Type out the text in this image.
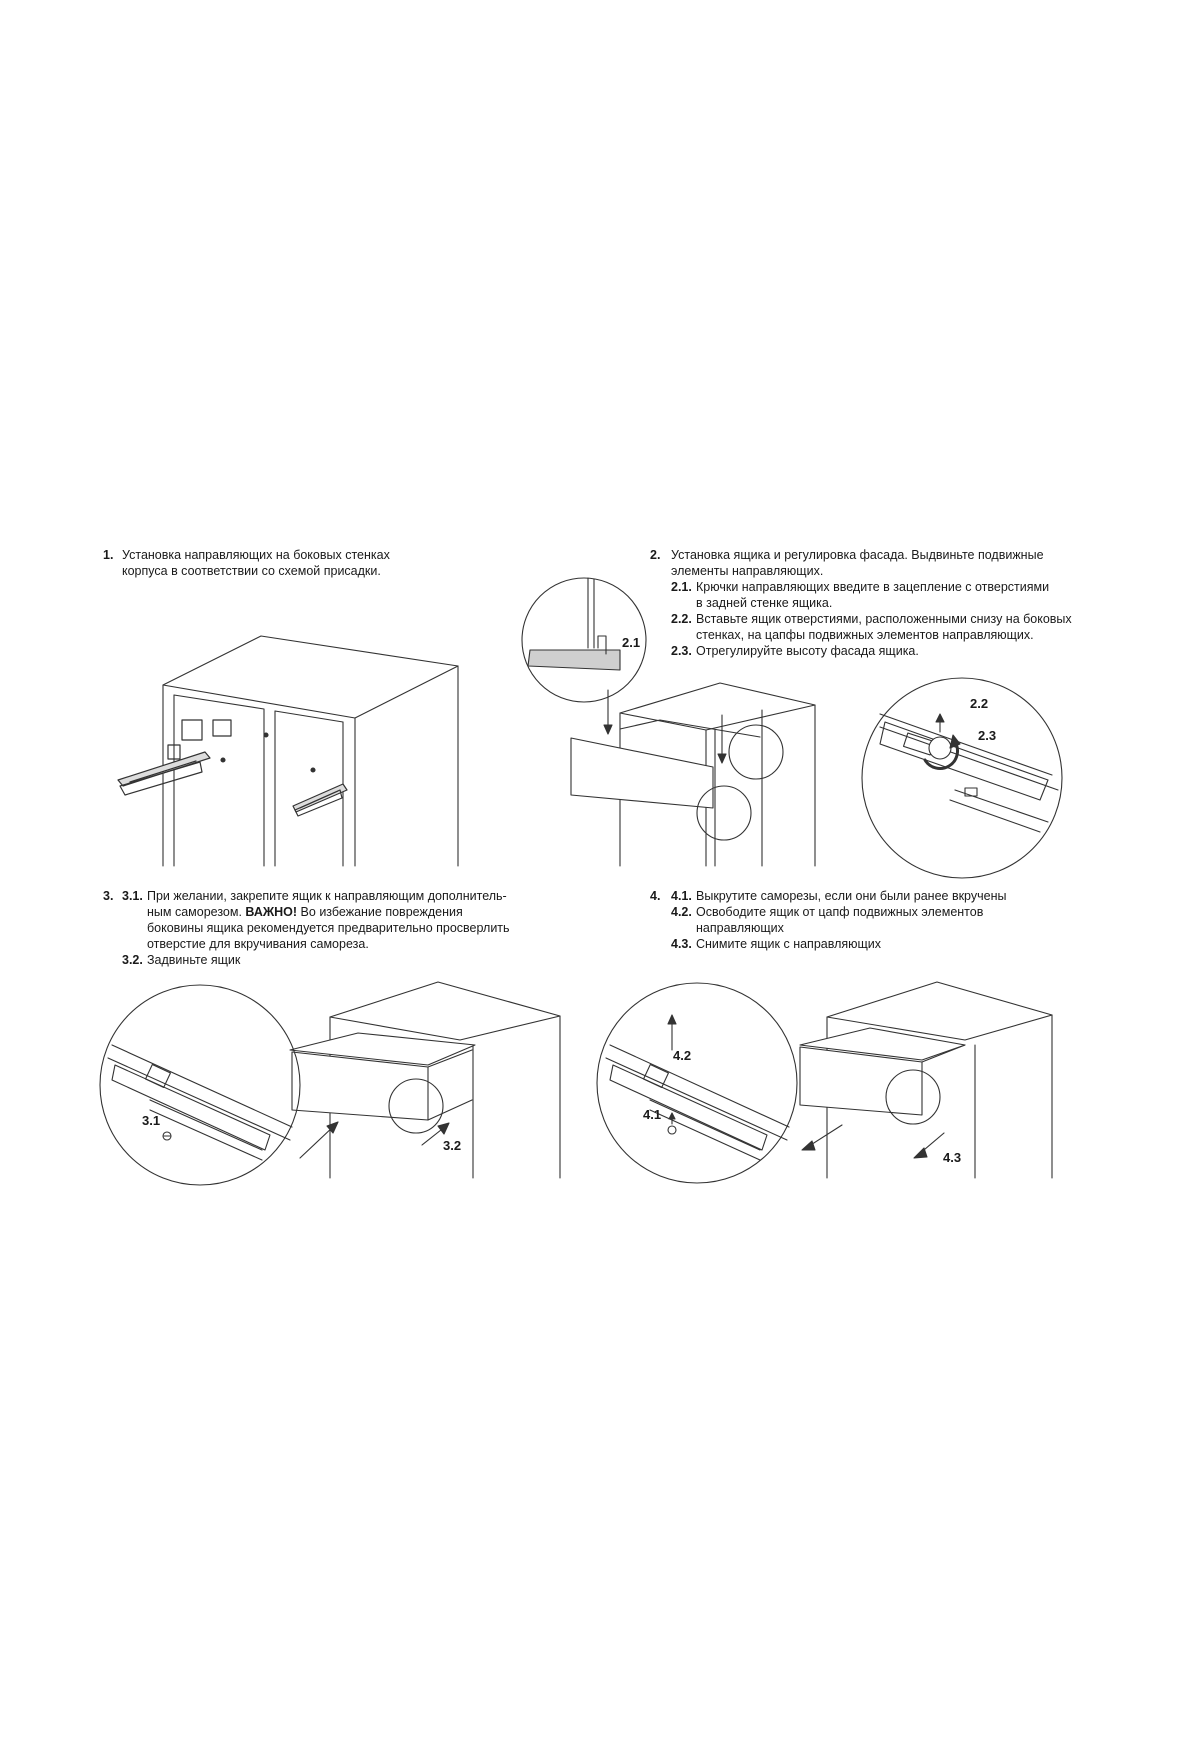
1. Установка направляющих на боковых стенках
корпуса в соответствии со схемой присадки.
2. Установка ящика и регулировка фасада. Выдвиньте подвижные
элементы направляющих.
2.1. Крючки направляющих введите в зацепление с отверстиями
в задней стенке ящика.
2.2. Вставьте ящик отверстиями, расположенными снизу на боковых
стенках, на цапфы подвижных элементов направляющих.
2.3. Отрегулируйте высоту фасада ящика.
3. 3.1. При желании, закрепите ящик к направляющим дополнитель-
ным саморезом. ВАЖНО! Во избежание повреждения
боковины ящика рекомендуется предварительно просверлить
отверстие для вкручивания самореза.
3.2. Задвиньте ящик
4. 4.1. Выкрутите саморезы, если они были ранее вкручены
4.2. Освободите ящик от цапф подвижных элементов
направляющих
4.3. Снимите ящик с направляющих
2.1
2.2
2.3
3.1
3.2
4.1
4.2
4.3
